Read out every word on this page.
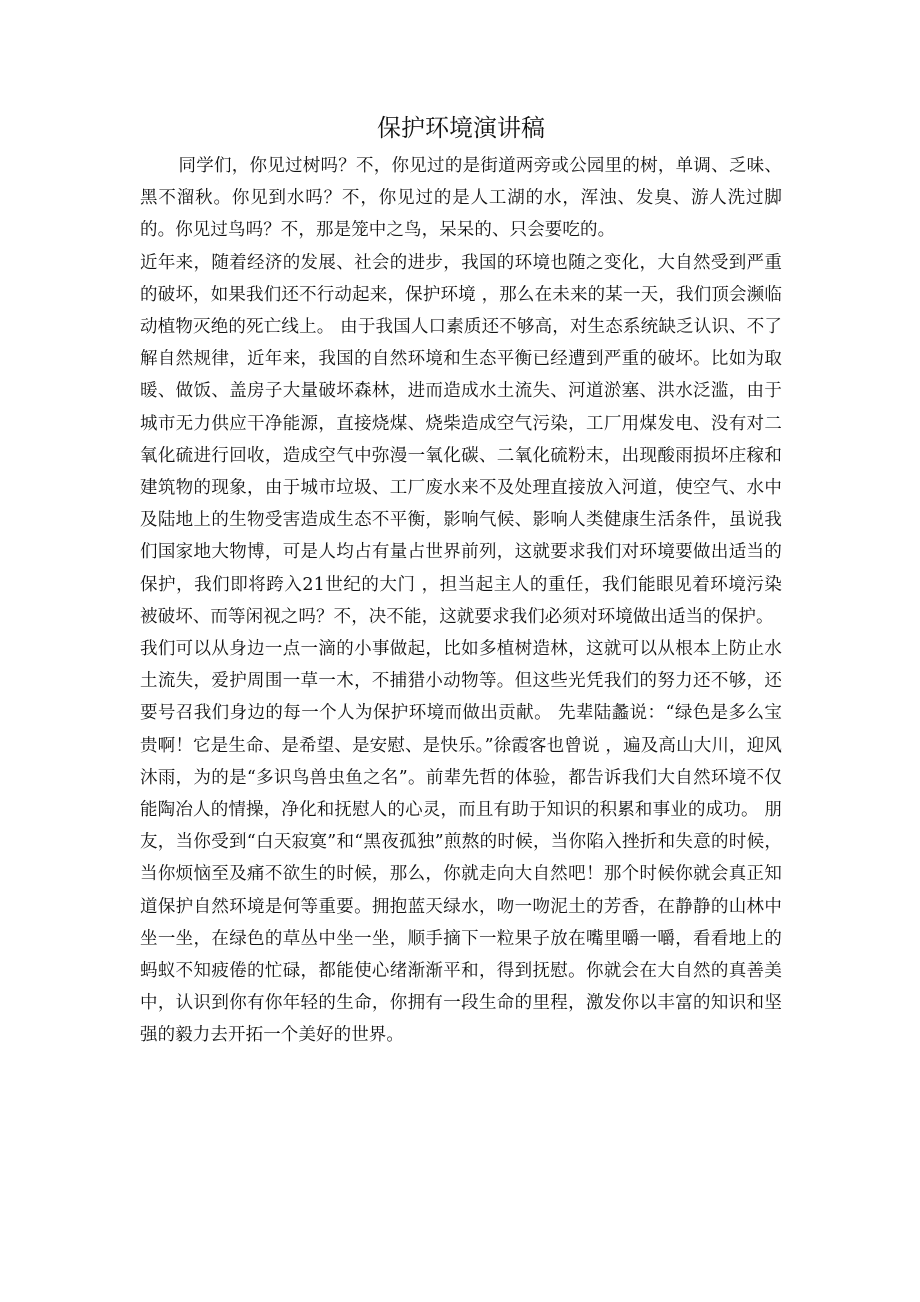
保护环境演讲稿

同学们，你见过树吗？不，你见过的是街道两旁或公园里的树，单调、乏味、黑不溜秋。你见到水吗？不，你见过的是人工湖的水，浑浊、发臭、游人洗过脚的。你见过鸟吗？不，那是笼中之鸟，呆呆的、只会要吃的。

近年来，随着经济的发展、社会的进步，我国的环境也随之变化，大自然受到严重的破坏，如果我们还不行动起来，保护环境 ，那么在未来的某一天，我们顶会濒临动植物灭绝的死亡线上。 由于我国人口素质还不够高，对生态系统缺乏认识、不了解自然规律，近年来，我国的自然环境和生态平衡已经遭到严重的破坏。比如为取暖、做饭、盖房子大量破坏森林，进而造成水土流失、河道淤塞、洪水泛滥，由于城市无力供应干净能源，直接烧煤、烧柴造成空气污染，工厂用煤发电、没有对二氧化硫进行回收，造成空气中弥漫一氧化碳、二氧化硫粉末，出现酸雨损坏庄稼和建筑物的现象，由于城市垃圾、工厂废水来不及处理直接放入河道，使空气、水中及陆地上的生物受害造成生态不平衡，影响气候、影响人类健康生活条件，虽说我们国家地大物博，可是人均占有量占世界前列，这就要求我们对环境要做出适当的保护，我们即将跨入21世纪的大门 ，担当起主人的重任，我们能眼见着环境污染被破坏、而等闲视之吗？不，决不能，这就要求我们必须对环境做出适当的保护。

我们可以从身边一点一滴的小事做起，比如多植树造林，这就可以从根本上防止水土流失，爱护周围一草一木，不捕猎小动物等。但这些光凭我们的努力还不够，还要号召我们身边的每一个人为保护环境而做出贡献。 先辈陆蠡说：“绿色是多么宝贵啊！它是生命、是希望、是安慰、是快乐。”徐霞客也曾说 ，遍及高山大川，迎风沐雨，为的是“多识鸟兽虫鱼之名”。前辈先哲的体验，都告诉我们大自然环境不仅能陶冶人的情操，净化和抚慰人的心灵，而且有助于知识的积累和事业的成功。 朋友，当你受到“白天寂寞”和“黑夜孤独”煎熬的时候，当你陷入挫折和失意的时候，当你烦恼至及痛不欲生的时候，那么，你就走向大自然吧！那个时候你就会真正知道保护自然环境是何等重要。拥抱蓝天绿水，吻一吻泥土的芳香，在静静的山林中坐一坐，在绿色的草丛中坐一坐，顺手摘下一粒果子放在嘴里嚼一嚼，看看地上的蚂蚁不知疲倦的忙碌，都能使心绪渐渐平和，得到抚慰。你就会在大自然的真善美中，认识到你有你年轻的生命，你拥有一段生命的里程，激发你以丰富的知识和坚强的毅力去开拓一个美好的世界。
